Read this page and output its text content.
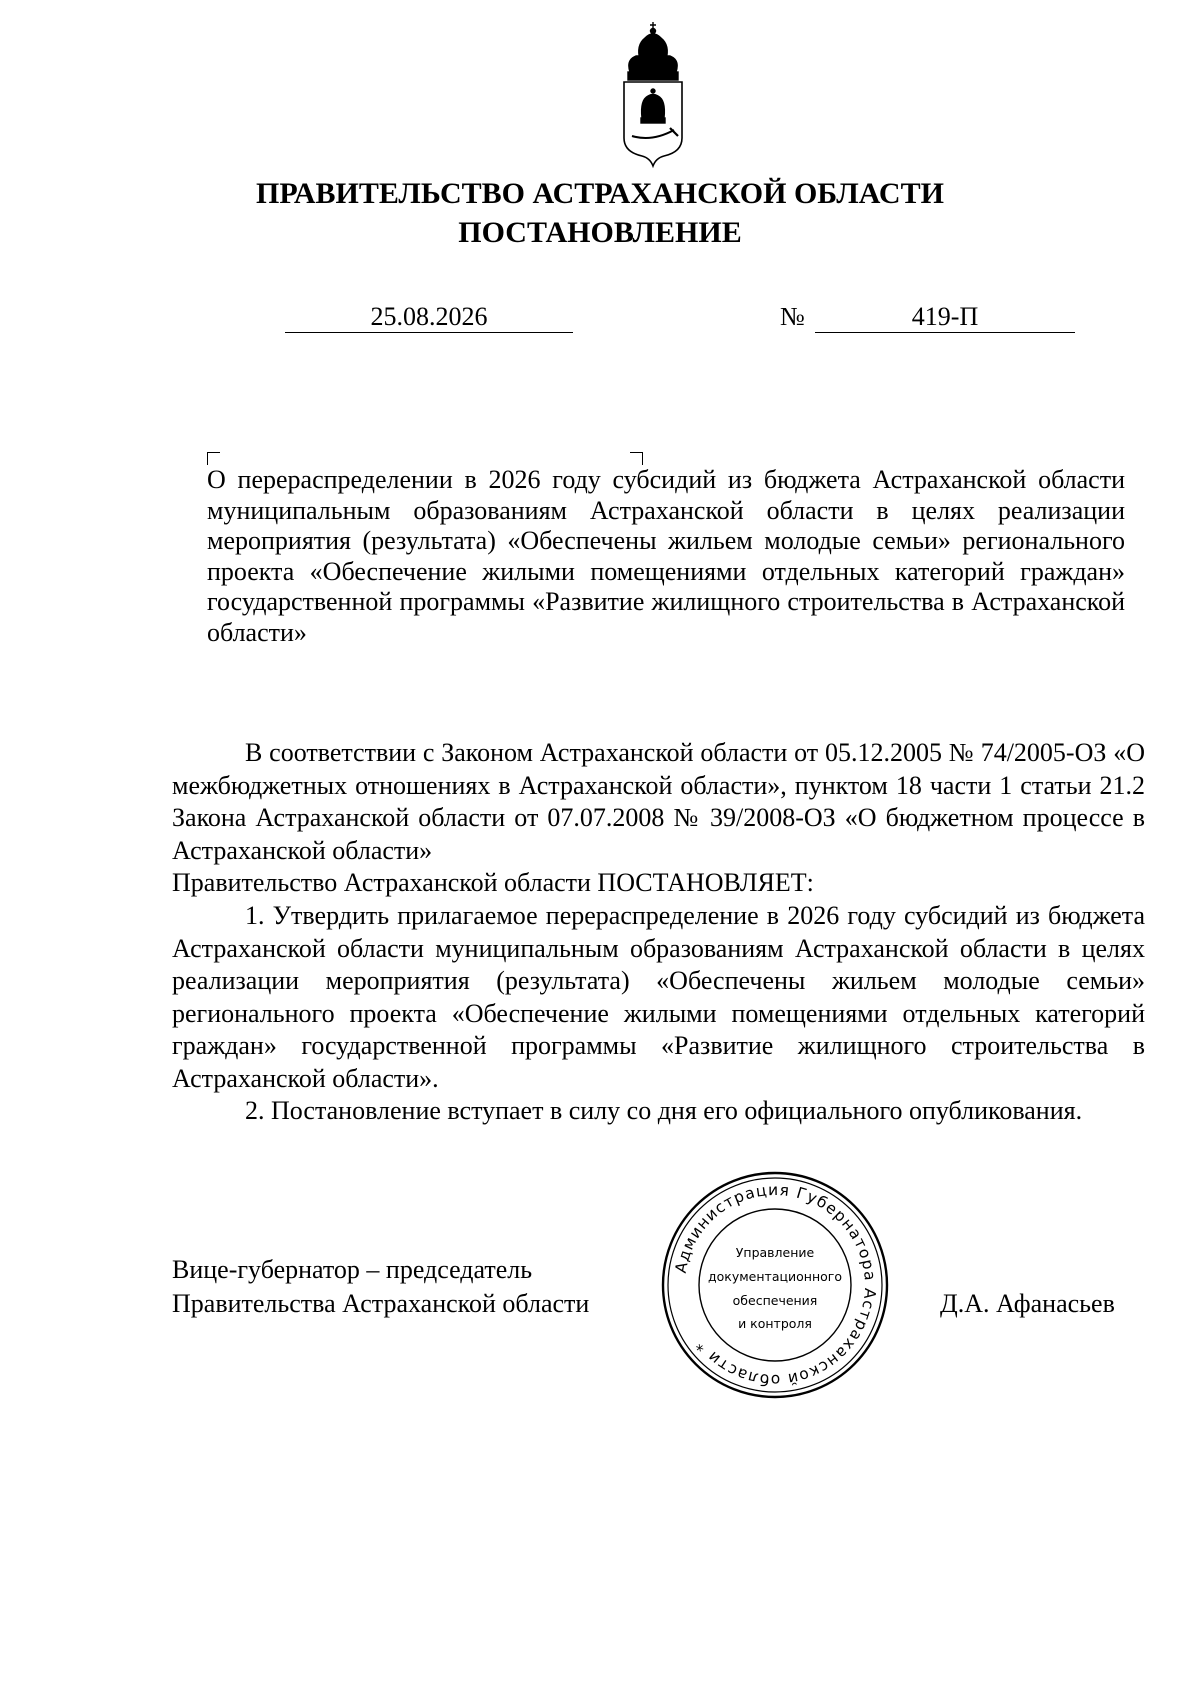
ПРАВИТЕЛЬСТВО АСТРАХАНСКОЙ ОБЛАСТИ
ПОСТАНОВЛЕНИЕ
25.08.2026	№	419-П
О перераспределении в 2026 году субсидий из бюджета Астраханской области муниципальным образованиям Астраханской области в целях реализации мероприятия (результата) «Обеспечены жильем молодые семьи» регионального проекта «Обеспечение жилыми помещениями отдельных категорий граждан» государственной программы «Развитие жилищного строительства в Астраханской области»
В соответствии с Законом Астраханской области от 05.12.2005 № 74/2005-ОЗ «О межбюджетных отношениях в Астраханской области», пунктом 18 части 1 статьи 21.2 Закона Астраханской области от 07.07.2008 № 39/2008-ОЗ «О бюджетном процессе в Астраханской области»
Правительство Астраханской области ПОСТАНОВЛЯЕТ:
1. Утвердить прилагаемое перераспределение в 2026 году субсидий из бюджета Астраханской области муниципальным образованиям Астраханской области в целях реализации мероприятия (результата) «Обеспечены жильем молодые семьи» регионального проекта «Обеспечение жилыми помещениями отдельных категорий граждан» государственной программы «Развитие жилищного строительства в Астраханской области».
2. Постановление вступает в силу со дня его официального опубликования.
Вице-губернатор – председатель
Правительства Астраханской области	Д.А. Афанасьев
Администрация Губернатора Астраханской области *
Управление
документационного
обеспечения
и контроля
